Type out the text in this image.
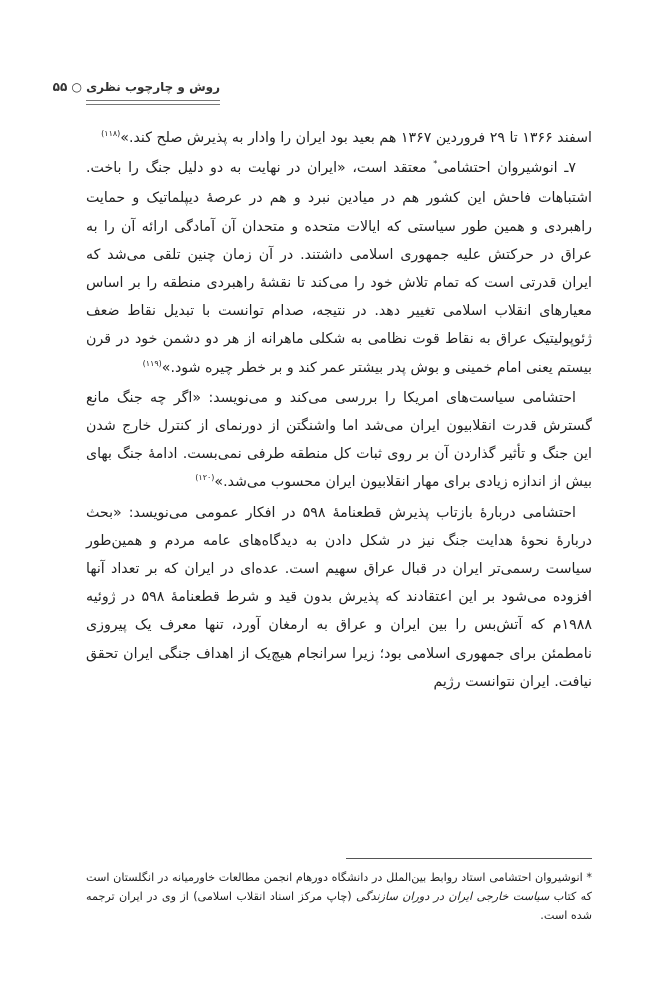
روش و چارچوب نظری ○ ۵۵

اسفند ۱۳۶۶ تا ۲۹ فروردین ۱۳۶۷ هم بعید بود ایران را وادار به پذیرش صلح کند.»$^{(۱۱۸)}$

۷ـ انوشیروان احتشامی* معتقد است، «ایران در نهایت به دو دلیل جنگ را باخت. اشتباهات فاحش این کشور هم در میادین نبرد و هم در عرصهٔ دیپلماتیک و حمایت راهبردی و همین طور سیاستی که ایالات متحده و متحدان آن آمادگی ارائه آن را به عراق در حرکتش علیه جمهوری اسلامی داشتند. در آن زمان چنین تلقی می‌شد که ایران قدرتی است که تمام تلاش خود را می‌کند تا نقشهٔ راهبردی منطقه را بر اساس معیارهای انقلاب اسلامی تغییر دهد. در نتیجه، صدام توانست با تبدیل نقاط ضعف ژئوپولیتیک عراق به نقاط قوت نظامی به شکلی ماهرانه از هر دو دشمن خود در قرن بیستم یعنی امام خمینی و بوش پدر بیشتر عمر کند و بر خطر چیره شود.»$^{(۱۱۹)}$

احتشامی سیاست‌های امریکا را بررسی می‌کند و می‌نویسد: «اگر چه جنگ مانع گسترش قدرت انقلابیون ایران می‌شد اما واشنگتن از دورنمای از کنترل خارج شدن این جنگ و تأثیر گذاردن آن بر روی ثبات کل منطقه طرفی نمی‌بست. ادامهٔ جنگ بهای بیش از اندازه زیادی برای مهار انقلابیون ایران محسوب می‌شد.»$^{(۱۲۰)}$

احتشامی دربارهٔ بازتاب پذیرش قطعنامهٔ ۵۹۸ در افکار عمومی می‌نویسد: «بحث دربارهٔ نحوهٔ هدایت جنگ نیز در شکل دادن به دیدگاه‌های عامه مردم و همین‌طور سیاست رسمی‌تر ایران در قبال عراق سهیم است. عده‌ای در ایران که بر تعداد آنها افزوده می‌شود بر این اعتقادند که پذیرش بدون قید و شرط قطعنامهٔ ۵۹۸ در ژوئیه ۱۹۸۸م که آتش‌بس را بین ایران و عراق به ارمغان آورد، تنها معرف یک پیروزی نامطمئن برای جمهوری اسلامی بود؛ زیرا سرانجام هیچ‌یک از اهداف جنگی ایران تحقق نیافت. ایران نتوانست رژیم

* انوشیروان احتشامی استاد روابط بین‌الملل در دانشگاه دورهام انجمن مطالعات خاورمیانه در انگلستان است که کتاب سیاست خارجی ایران در دوران سازندگی (چاپ مرکز اسناد انقلاب اسلامی) از وی در ایران ترجمه شده است.
